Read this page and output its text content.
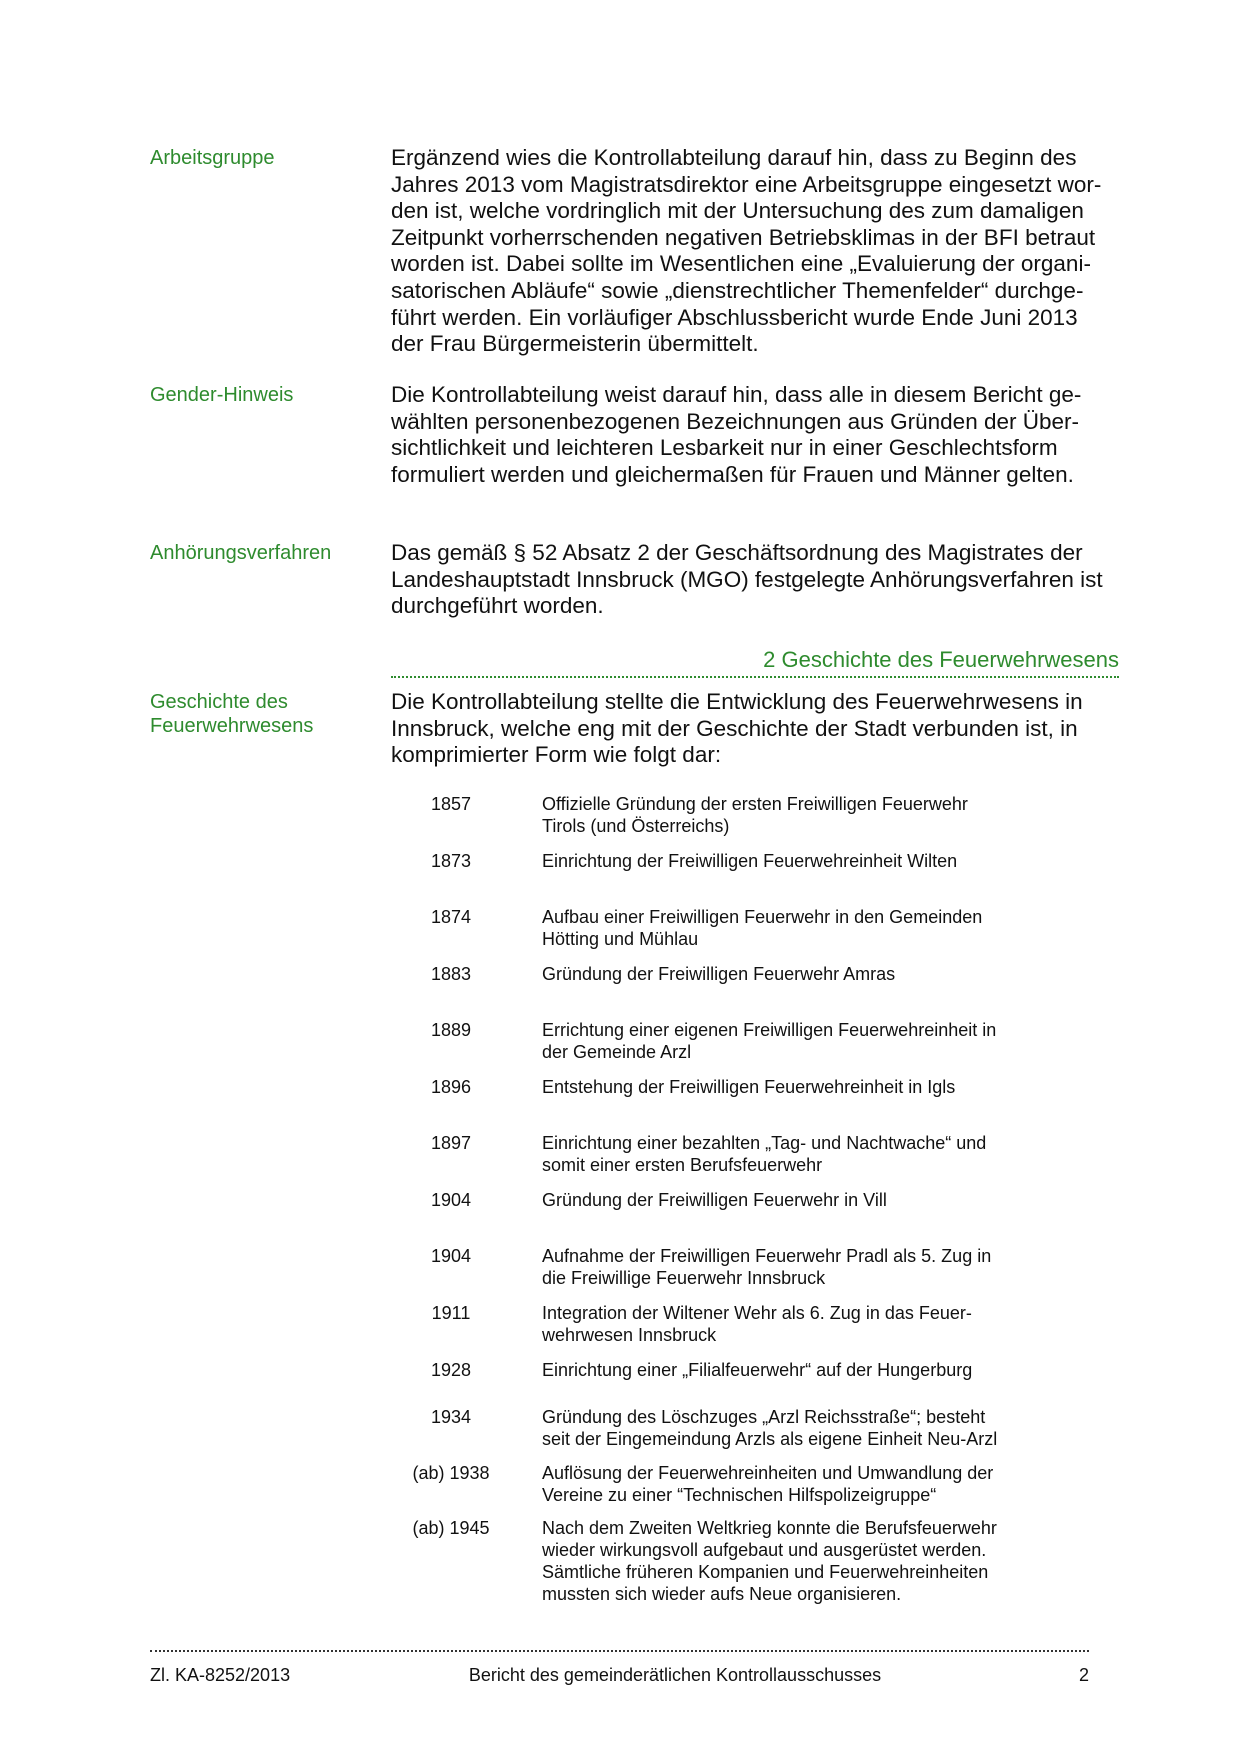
Arbeitsgruppe	Ergänzend wies die Kontrollabteilung darauf hin, dass zu Beginn des
Jahres 2013 vom Magistratsdirektor eine Arbeitsgruppe eingesetzt wor-
den ist, welche vordringlich mit der Untersuchung des zum damaligen
Zeitpunkt vorherrschenden negativen Betriebsklimas in der BFI betraut
worden ist. Dabei sollte im Wesentlichen eine „Evaluierung der organi-
satorischen Abläufe“ sowie „dienstrechtlicher Themenfelder“ durchge-
führt werden. Ein vorläufiger Abschlussbericht wurde Ende Juni 2013
der Frau Bürgermeisterin übermittelt.
Gender-Hinweis	Die Kontrollabteilung weist darauf hin, dass alle in diesem Bericht ge-
wählten personenbezogenen Bezeichnungen aus Gründen der Über-
sichtlichkeit und leichteren Lesbarkeit nur in einer Geschlechtsform
formuliert werden und gleichermaßen für Frauen und Männer gelten.
Anhörungsverfahren	Das gemäß § 52 Absatz 2 der Geschäftsordnung des Magistrates der
Landeshauptstadt Innsbruck (MGO) festgelegte Anhörungsverfahren ist
durchgeführt worden.
2 Geschichte des Feuerwehrwesens
Geschichte des
Feuerwehrwesens
Die Kontrollabteilung stellte die Entwicklung des Feuerwehrwesens in
Innsbruck, welche eng mit der Geschichte der Stadt verbunden ist, in
komprimierter Form wie folgt dar:
1857	Offizielle Gründung der ersten Freiwilligen Feuerwehr
Tirols (und Österreichs)
1873	Einrichtung der Freiwilligen Feuerwehreinheit Wilten
1874	Aufbau einer Freiwilligen Feuerwehr in den Gemeinden
Hötting und Mühlau
1883	Gründung der Freiwilligen Feuerwehr Amras
1889	Errichtung einer eigenen Freiwilligen Feuerwehreinheit in
der Gemeinde Arzl
1896	Entstehung der Freiwilligen Feuerwehreinheit in Igls
1897	Einrichtung einer bezahlten „Tag- und Nachtwache“ und
somit einer ersten Berufsfeuerwehr
1904	Gründung der Freiwilligen Feuerwehr in Vill
1904	Aufnahme der Freiwilligen Feuerwehr Pradl als 5. Zug in
die Freiwillige Feuerwehr Innsbruck
1911	Integration der Wiltener Wehr als 6. Zug in das Feuer-
wehrwesen Innsbruck
1928	Einrichtung einer „Filialfeuerwehr“ auf der Hungerburg
1934	Gründung des Löschzuges „Arzl Reichsstraße“; besteht
seit der Eingemeindung Arzls als eigene Einheit Neu-Arzl
(ab) 1938	Auflösung der Feuerwehreinheiten und Umwandlung der
Vereine zu einer “Technischen Hilfspolizeigruppe“
(ab) 1945	Nach dem Zweiten Weltkrieg konnte die Berufsfeuerwehr
wieder wirkungsvoll aufgebaut und ausgerüstet werden.
Sämtliche früheren Kompanien und Feuerwehreinheiten
mussten sich wieder aufs Neue organisieren.
Zl. KA-8252/2013	Bericht des gemeinderätlichen Kontrollausschusses	2
